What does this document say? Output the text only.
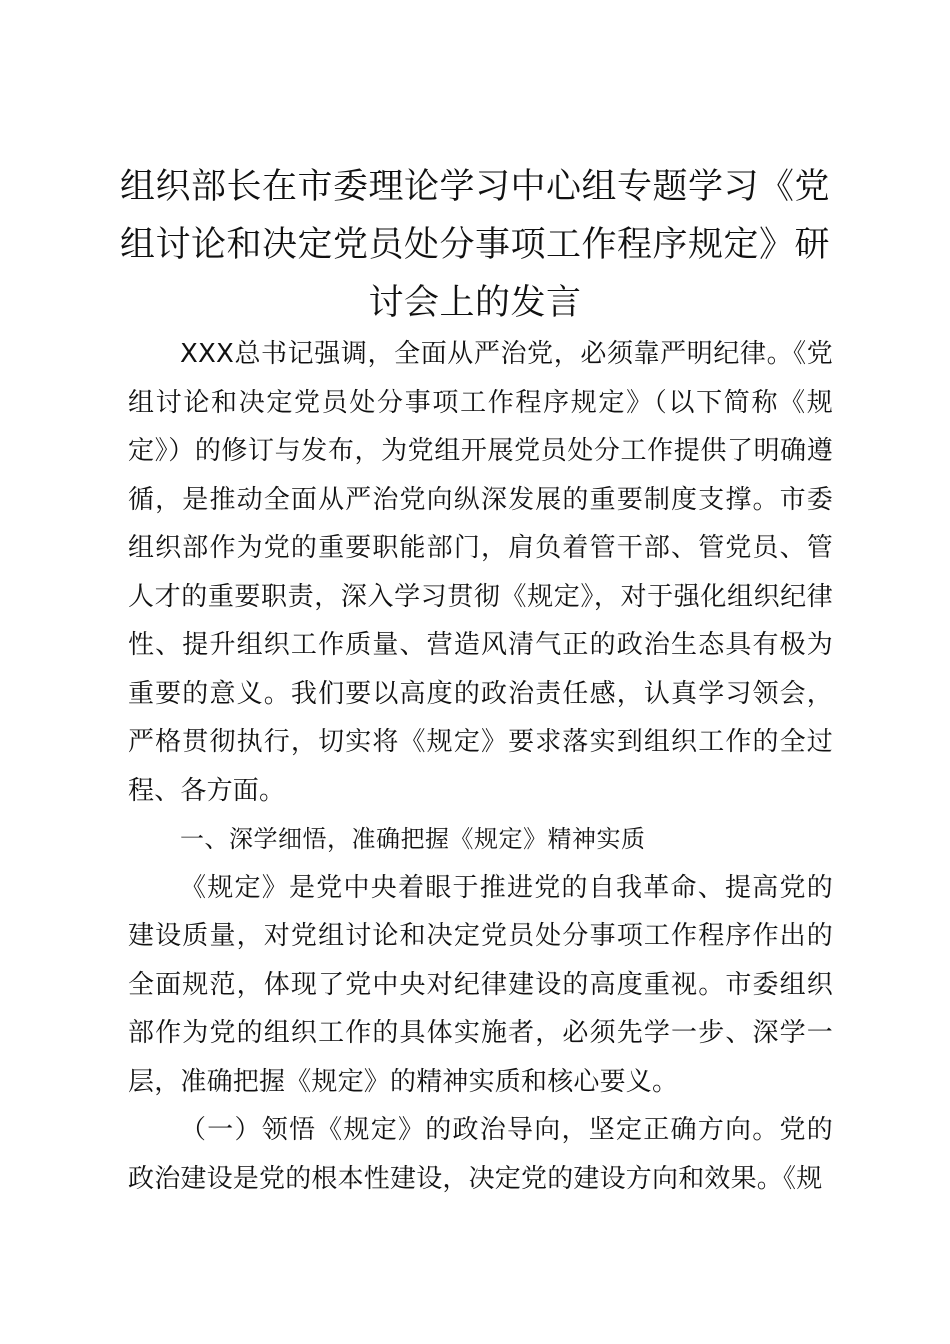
组织部长在市委理论学习中心组专题学习《党组讨论和决定党员处分事项工作程序规定》研讨会上的发言

XXX总书记强调，全面从严治党，必须靠严明纪律。《党组讨论和决定党员处分事项工作程序规定》（以下简称《规定》）的修订与发布，为党组开展党员处分工作提供了明确遵循，是推动全面从严治党向纵深发展的重要制度支撑。市委组织部作为党的重要职能部门，肩负着管干部、管党员、管人才的重要职责，深入学习贯彻《规定》，对于强化组织纪律性、提升组织工作质量、营造风清气正的政治生态具有极为重要的意义。我们要以高度的政治责任感，认真学习领会，严格贯彻执行，切实将《规定》要求落实到组织工作的全过程、各方面。

一、深学细悟，准确把握《规定》精神实质

《规定》是党中央着眼于推进党的自我革命、提高党的建设质量，对党组讨论和决定党员处分事项工作程序作出的全面规范，体现了党中央对纪律建设的高度重视。市委组织部作为党的组织工作的具体实施者，必须先学一步、深学一层，准确把握《规定》的精神实质和核心要义。

（一）领悟《规定》的政治导向，坚定正确方向。党的政治建设是党的根本性建设，决定党的建设方向和效果。《规
